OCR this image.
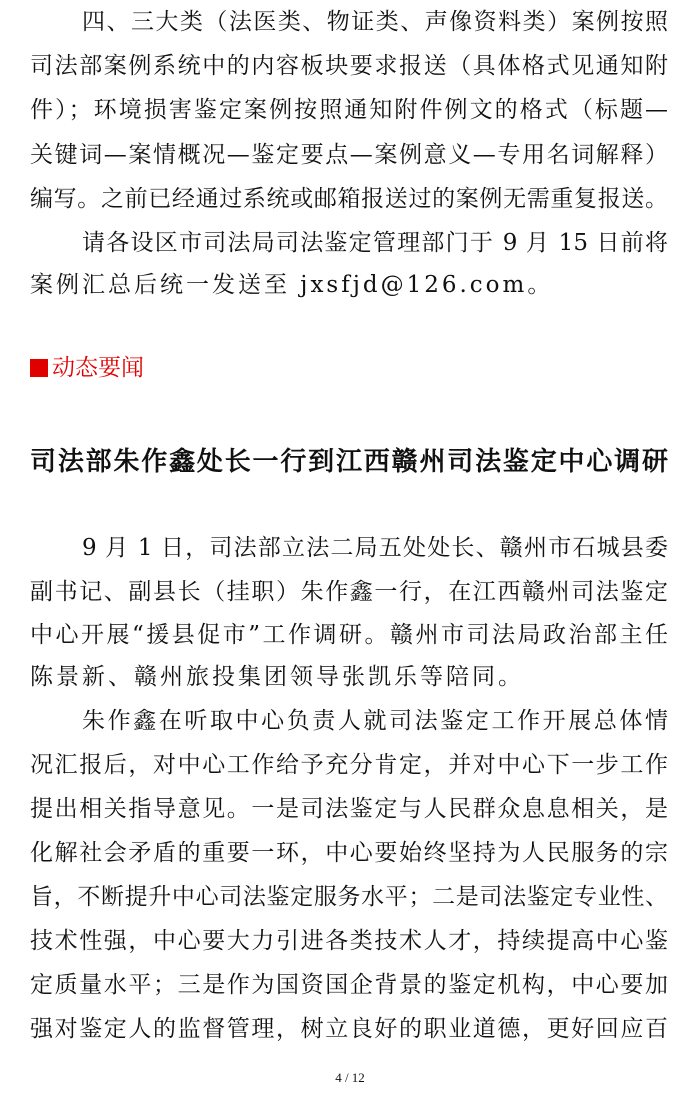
四、三大类（法医类、物证类、声像资料类）案例按照
司法部案例系统中的内容板块要求报送（具体格式见通知附
件）；环境损害鉴定案例按照通知附件例文的格式（标题—
关键词—案情概况—鉴定要点—案例意义—专用名词解释）
编写。之前已经通过系统或邮箱报送过的案例无需重复报送。
请各设区市司法局司法鉴定管理部门于 9 月 15 日前将
案例汇总后统一发送至 jxsfjd@126.com。
动态要闻
司法部朱作鑫处长一行到江西赣州司法鉴定中心调研
9 月 1 日，司法部立法二局五处处长、赣州市石城县委
副书记、副县长（挂职）朱作鑫一行，在江西赣州司法鉴定
中心开展“援县促市”工作调研。赣州市司法局政治部主任
陈景新、赣州旅投集团领导张凯乐等陪同。
朱作鑫在听取中心负责人就司法鉴定工作开展总体情
况汇报后，对中心工作给予充分肯定，并对中心下一步工作
提出相关指导意见。一是司法鉴定与人民群众息息相关，是
化解社会矛盾的重要一环，中心要始终坚持为人民服务的宗
旨，不断提升中心司法鉴定服务水平；二是司法鉴定专业性、
技术性强，中心要大力引进各类技术人才，持续提高中心鉴
定质量水平；三是作为国资国企背景的鉴定机构，中心要加
强对鉴定人的监督管理，树立良好的职业道德，更好回应百
4 / 12
